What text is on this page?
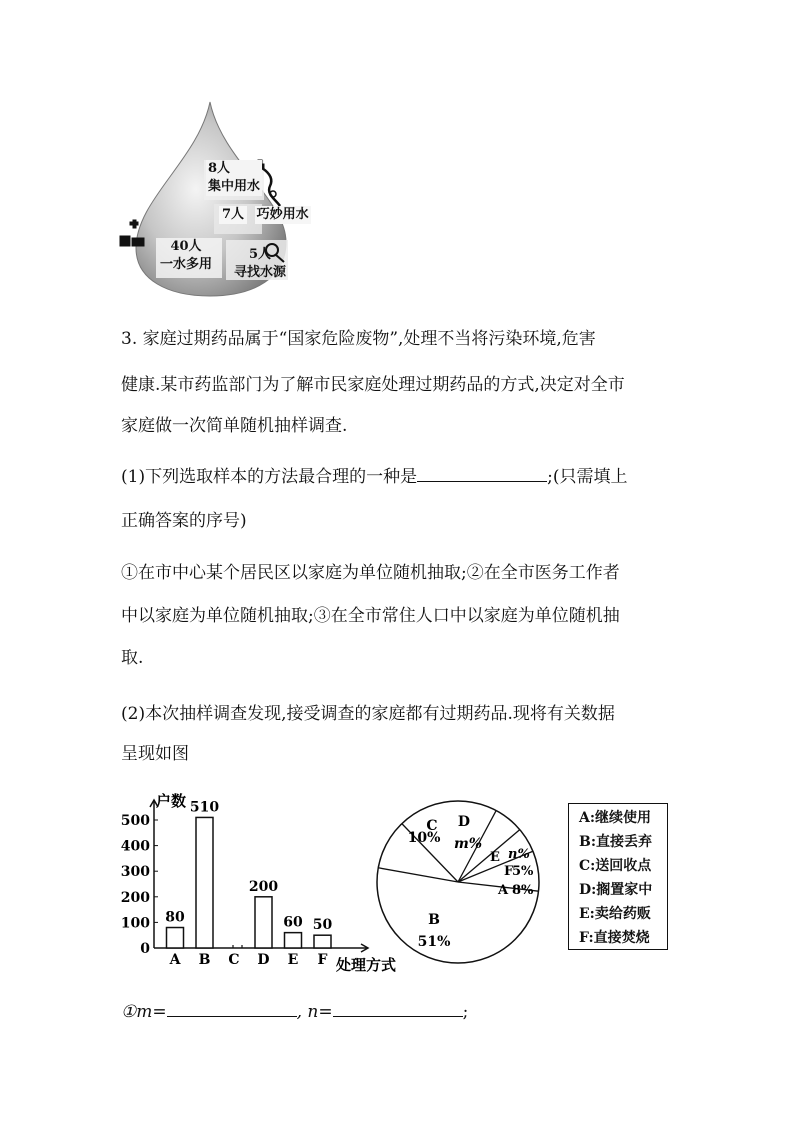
8人
集中用水
7人 巧妙用水
40人
一水多用
5人
寻找水源
3. 家庭过期药品属于“国家危险废物”,处理不当将污染环境,危害
健康.某市药监部门为了解市民家庭处理过期药品的方式,决定对全市
家庭做一次简单随机抽样调查.
(1)下列选取样本的方法最合理的一种是	;(只需填上
正确答案的序号)
①在市中心某个居民区以家庭为单位随机抽取;②在全市医务工作者
中以家庭为单位随机抽取;③在全市常住人口中以家庭为单位随机抽
取.
(2)本次抽样调查发现,接受调查的家庭都有过期药品.现将有关数据
呈现如图
户数
处理方式
0
100
200
300
400
500
80
A
510
B C
200
D
60
E
50
F
A 8%
B
51%
C
10%
D
m%
E n%
F
5%
A:继续使用
B:直接丢弃
C:送回收点
D:搁置家中
E:卖给药贩
F:直接焚烧
①m=	, n=	;
